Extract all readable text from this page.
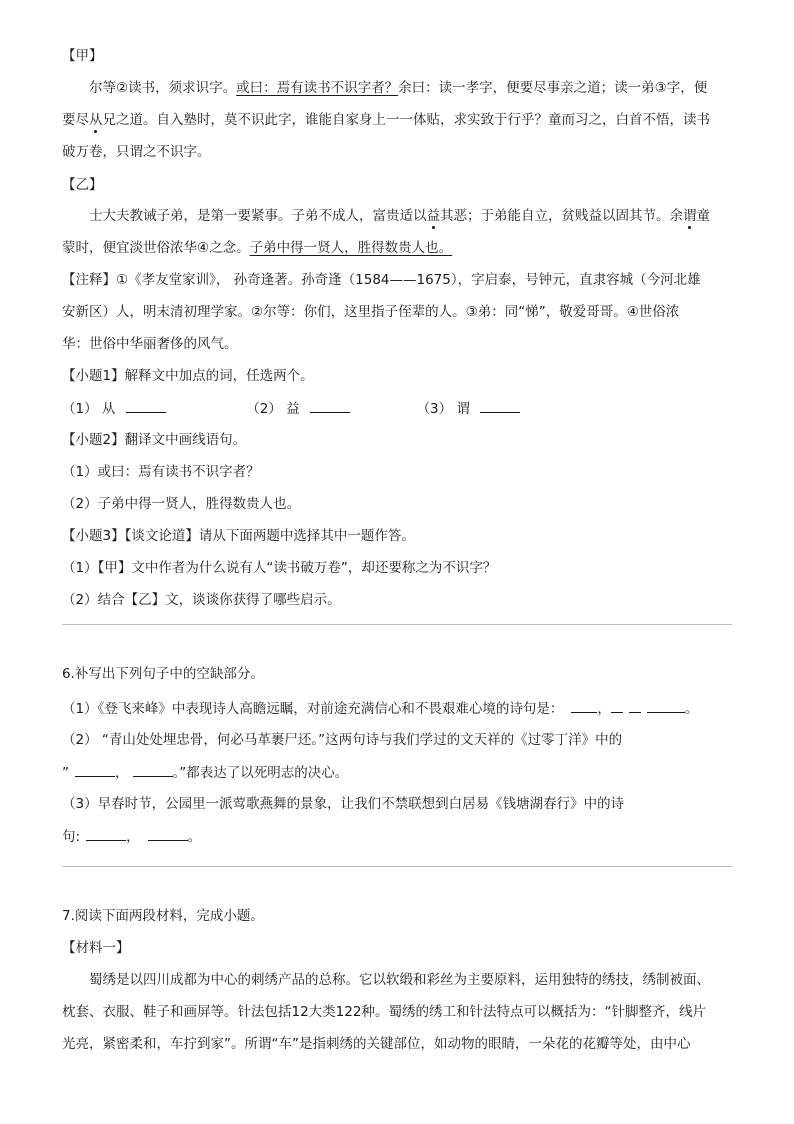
【甲】
尔等②读书，须求识字。或曰：焉有读书不识字者？余曰：读一孝字，便要尽事亲之道；读一弟③字，便
要尽从兄之道。自入塾时，莫不识此字，谁能自家身上一一体贴，求实致于行乎？童而习之，白首不悟，读书
破万卷，只谓之不识字。
【乙】
士大夫教诫子弟，是第一要紧事。子弟不成人，富贵适以益其恶；于弟能自立，贫贱益以固其节。余谓童
蒙时，便宜淡世俗浓华④之念。子弟中得一贤人，胜得数贵人也。
【注释】①《孝友堂家训》， 孙奇逢著。孙奇逢（1584——1675），字启泰，号钟元，直隶容城（今河北雄
安新区）人，明末清初理学家。②尔等：你们，这里指子侄辈的人。③弟：同“悌”，敬爱哥哥。④世俗浓
华：世俗中华丽奢侈的风气。
【小题1】解释文中加点的词，任选两个。
（1） 从	（2） 益	（3） 谓
【小题2】翻译文中画线语句。
（1）或曰：焉有读书不识字者？
（2）子弟中得一贤人，胜得数贵人也。
【小题3】【谈文论道】请从下面两题中选择其中一题作答。
（1）【甲】文中作者为什么说有人“读书破万卷”，却还要称之为不识字？
（2）结合【乙】文，谈谈你获得了哪些启示。
6.补写出下列句子中的空缺部分。
（1）《登飞来峰》中表现诗人高瞻远瞩，对前途充满信心和不畏艰难心境的诗句是：	，	。
（2） “青山处处埋忠骨，何必马革裹尸还。”这两句诗与我们学过的文天祥的《过零丁洋》中的
”	，	。”都表达了以死明志的决心。
（3）早春时节，公园里一派莺歌燕舞的景象，让我们不禁联想到白居易《钱塘湖春行》中的诗
句:	，	。
7.阅读下面两段材料，完成小题。
【材料一】
蜀绣是以四川成都为中心的刺绣产品的总称。它以软缎和彩丝为主要原料，运用独特的绣技，绣制被面、
枕套、衣服、鞋子和画屏等。针法包括12大类122种。蜀绣的绣工和针法特点可以概括为：“针脚整齐，线片
光亮，紧密柔和，车拧到家”。所谓“车”是指刺绣的关键部位，如动物的眼睛，一朵花的花瓣等处，由中心
